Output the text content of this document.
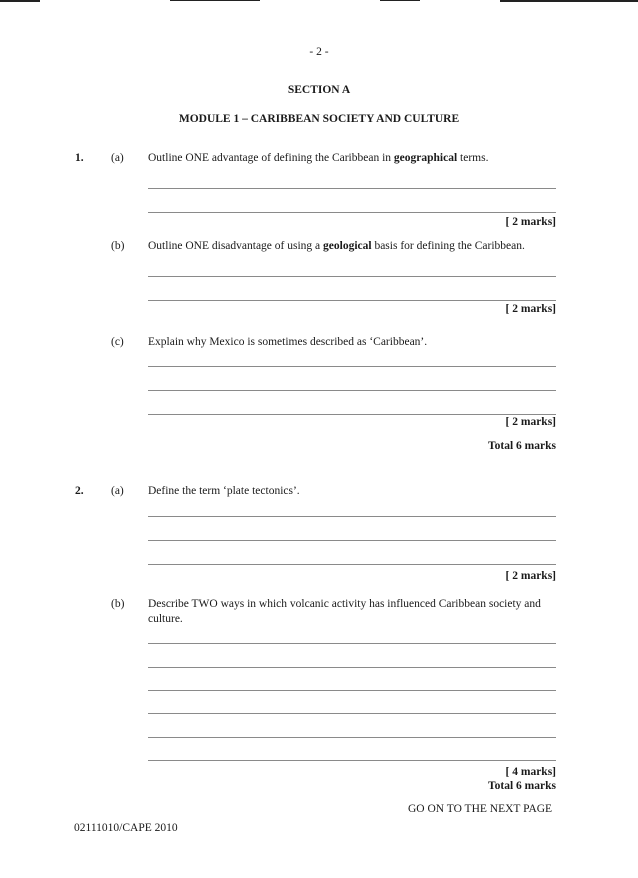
- 2 -
SECTION A
MODULE 1 – CARIBBEAN SOCIETY AND CULTURE
1. (a) Outline ONE advantage of defining the Caribbean in geographical terms.
[ 2 marks]
(b) Outline ONE disadvantage of using a geological basis for defining the Caribbean.
[ 2 marks]
(c) Explain why Mexico is sometimes described as ‘Caribbean’.
[ 2 marks]
Total 6 marks
2. (a) Define the term ‘plate tectonics’.
[ 2 marks]
(b) Describe TWO ways in which volcanic activity has influenced Caribbean society and
culture.
[ 4 marks]
Total 6 marks
GO ON TO THE NEXT PAGE
02111010/CAPE 2010
